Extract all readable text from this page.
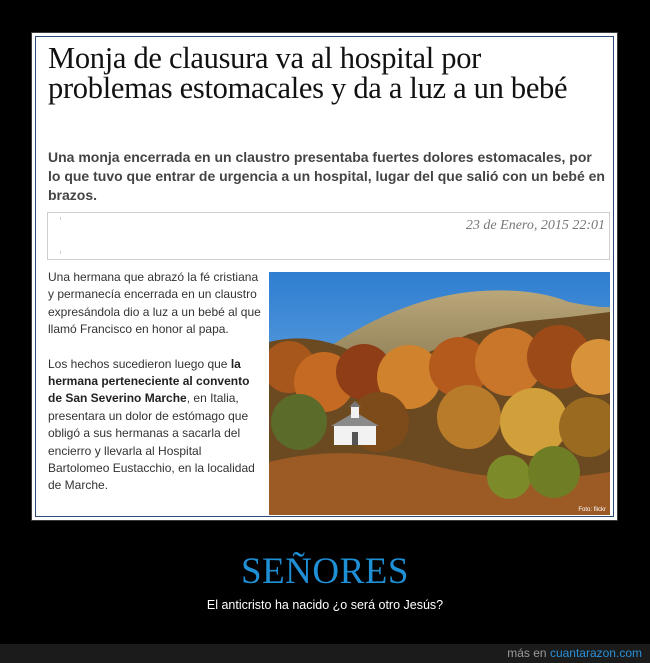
Monja de clausura va al hospital por problemas estomacales y da a luz a un bebé

Una monja encerrada en un claustro presentaba fuertes dolores estomacales, por lo que tuvo que entrar de urgencia a un hospital, lugar del que salió con un bebé en brazos.

23 de Enero, 2015 22:01

Una hermana que abrazó la fé cristiana y permanecía encerrada en un claustro expresándola dio a luz a un bebé al que llamó Francisco en honor al papa.

Los hechos sucedieron luego que la hermana perteneciente al convento de San Severino Marche, en Italia, presentara un dolor de estómago que obligó a sus hermanas a sacarla del encierro y llevarla al Hospital Bartolomeo Eustacchio, en la localidad de Marche.

Foto: flickr
SEÑORES
El anticristo ha nacido ¿o será otro Jesús?
más en cuantarazon.com
